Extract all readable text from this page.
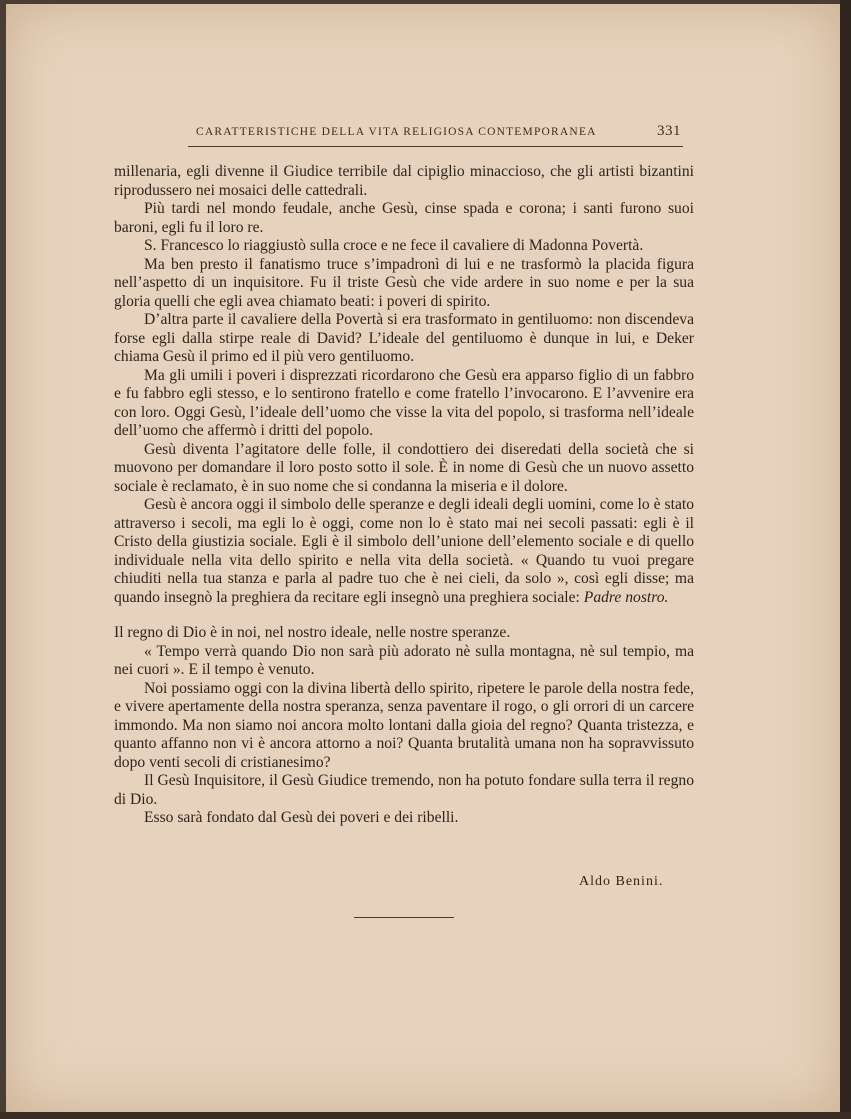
CARATTERISTICHE DELLA VITA RELIGIOSA CONTEMPORANEA	331

millenaria, egli divenne il Giudice terribile dal cipiglio minaccioso, che gli artisti bizantini riprodussero nei mosaici delle cattedrali.

Più tardi nel mondo feudale, anche Gesù, cinse spada e corona; i santi furono suoi baroni, egli fu il loro re.

S. Francesco lo riaggiustò sulla croce e ne fece il cavaliere di Madonna Povertà.

Ma ben presto il fanatismo truce s’impadronì di lui e ne trasformò la placida figura nell’aspetto di un inquisitore. Fu il triste Gesù che vide ardere in suo nome e per la sua gloria quelli che egli avea chiamato beati: i poveri di spirito.

D’altra parte il cavaliere della Povertà si era trasformato in gentiluomo: non discendeva forse egli dalla stirpe reale di David? L’ideale del gentiluomo è dunque in lui, e Deker chiama Gesù il primo ed il più vero gentiluomo.

Ma gli umili i poveri i disprezzati ricordarono che Gesù era apparso figlio di un fabbro e fu fabbro egli stesso, e lo sentirono fratello e come fratello l’invocarono. E l’avvenire era con loro. Oggi Gesù, l’ideale dell’uomo che visse la vita del popolo, si trasforma nell’ideale dell’uomo che affermò i dritti del popolo.

Gesù diventa l’agitatore delle folle, il condottiero dei diseredati della società che si muovono per domandare il loro posto sotto il sole. È in nome di Gesù che un nuovo assetto sociale è reclamato, è in suo nome che si condanna la miseria e il dolore.

Gesù è ancora oggi il simbolo delle speranze e degli ideali degli uomini, come lo è stato attraverso i secoli, ma egli lo è oggi, come non lo è stato mai nei secoli passati: egli è il Cristo della giustizia sociale. Egli è il simbolo dell’unione dell’elemento sociale e di quello individuale nella vita dello spirito e nella vita della società. « Quando tu vuoi pregare chiuditi nella tua stanza e parla al padre tuo che è nei cieli, da solo », così egli disse; ma quando insegnò la preghiera da recitare egli insegnò una preghiera sociale: Padre nostro.

Il regno di Dio è in noi, nel nostro ideale, nelle nostre speranze.

« Tempo verrà quando Dio non sarà più adorato nè sulla montagna, nè sul tempio, ma nei cuori ». E il tempo è venuto.

Noi possiamo oggi con la divina libertà dello spirito, ripetere le parole della nostra fede, e vivere apertamente della nostra speranza, senza paventare il rogo, o gli orrori di un carcere immondo. Ma non siamo noi ancora molto lontani dalla gioia del regno? Quanta tristezza, e quanto affanno non vi è ancora attorno a noi? Quanta brutalità umana non ha sopravvissuto dopo venti secoli di cristianesimo?

Il Gesù Inquisitore, il Gesù Giudice tremendo, non ha potuto fondare sulla terra il regno di Dio.

Esso sarà fondato dal Gesù dei poveri e dei ribelli.

Aldo Benini.
